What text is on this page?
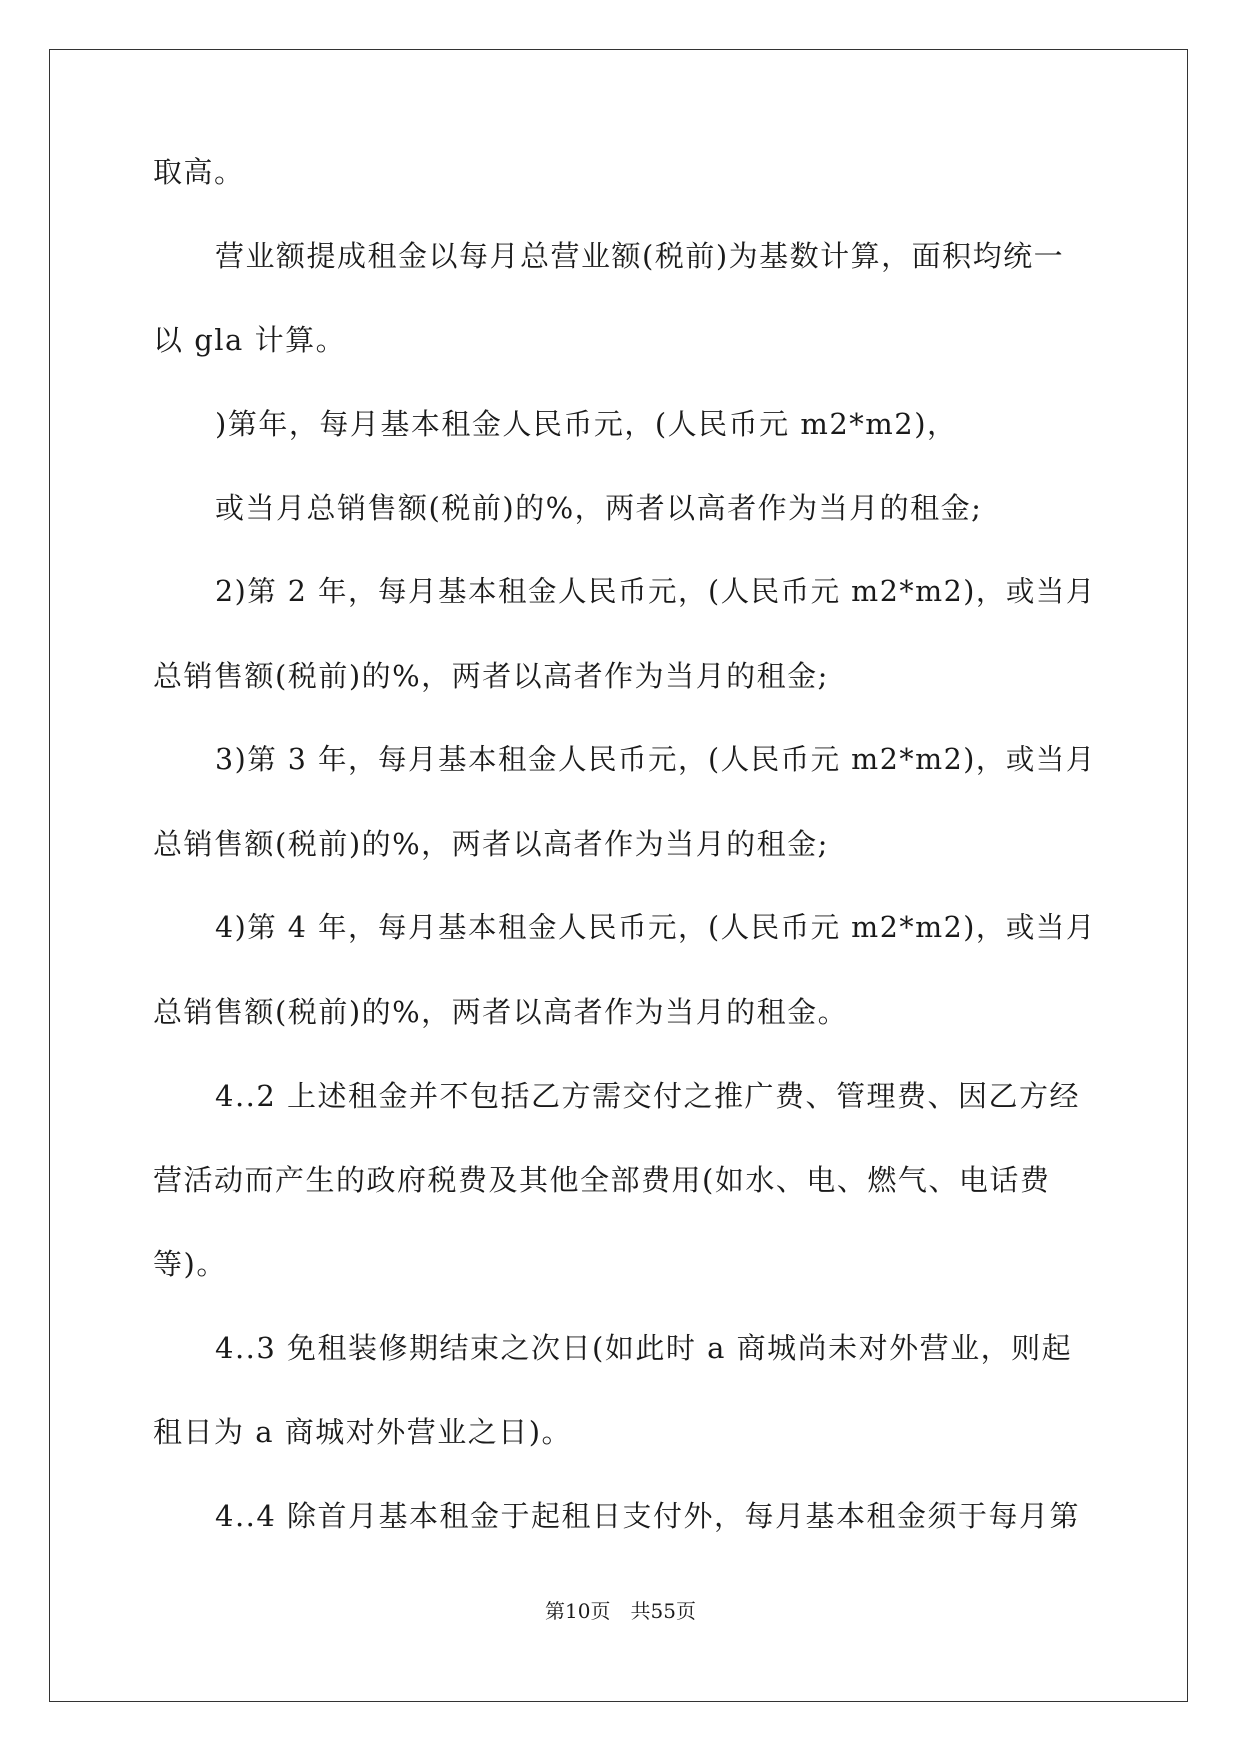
取高。
营业额提成租金以每月总营业额(税前)为基数计算，面积均统一
以 gla 计算。
)第年，每月基本租金人民币元，(人民币元 m2*m2)，
或当月总销售额(税前)的%，两者以高者作为当月的租金;
2)第 2 年，每月基本租金人民币元，(人民币元 m2*m2)，或当月
总销售额(税前)的%，两者以高者作为当月的租金;
3)第 3 年，每月基本租金人民币元，(人民币元 m2*m2)，或当月
总销售额(税前)的%，两者以高者作为当月的租金;
4)第 4 年，每月基本租金人民币元，(人民币元 m2*m2)，或当月
总销售额(税前)的%，两者以高者作为当月的租金。
4..2 上述租金并不包括乙方需交付之推广费、管理费、因乙方经
营活动而产生的政府税费及其他全部费用(如水、电、燃气、电话费
等)。
4..3 免租装修期结束之次日(如此时 a 商城尚未对外营业，则起
租日为 a 商城对外营业之日)。
4..4 除首月基本租金于起租日支付外，每月基本租金须于每月第
第10页 共55页
